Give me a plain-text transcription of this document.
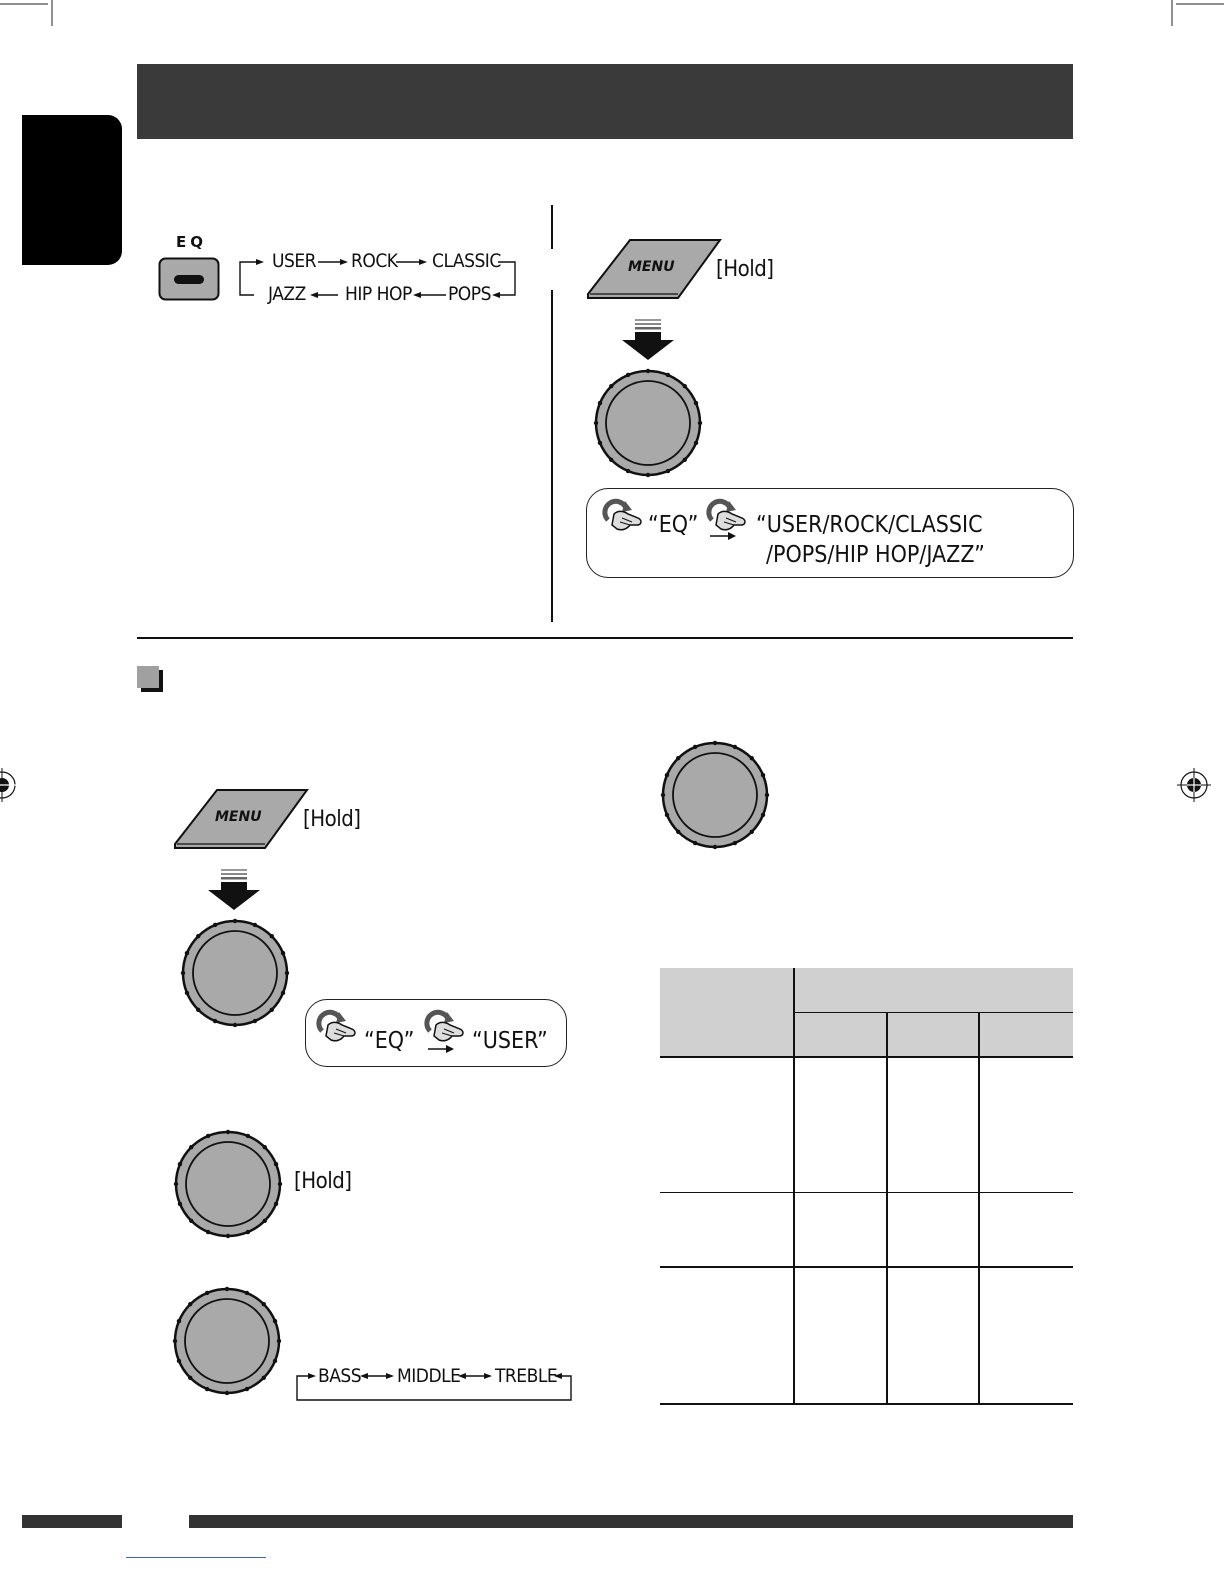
EQ
USER ROCK CLASSIC
JAZZ HIP HOP POPS
MENU [Hold]
“EQ”	“USER/ROCK/CLASSIC
/POPS/HIP HOP/JAZZ”
MENU [Hold]
“EQ”	“USER”
[Hold]
BASS MIDDLE TREBLE
